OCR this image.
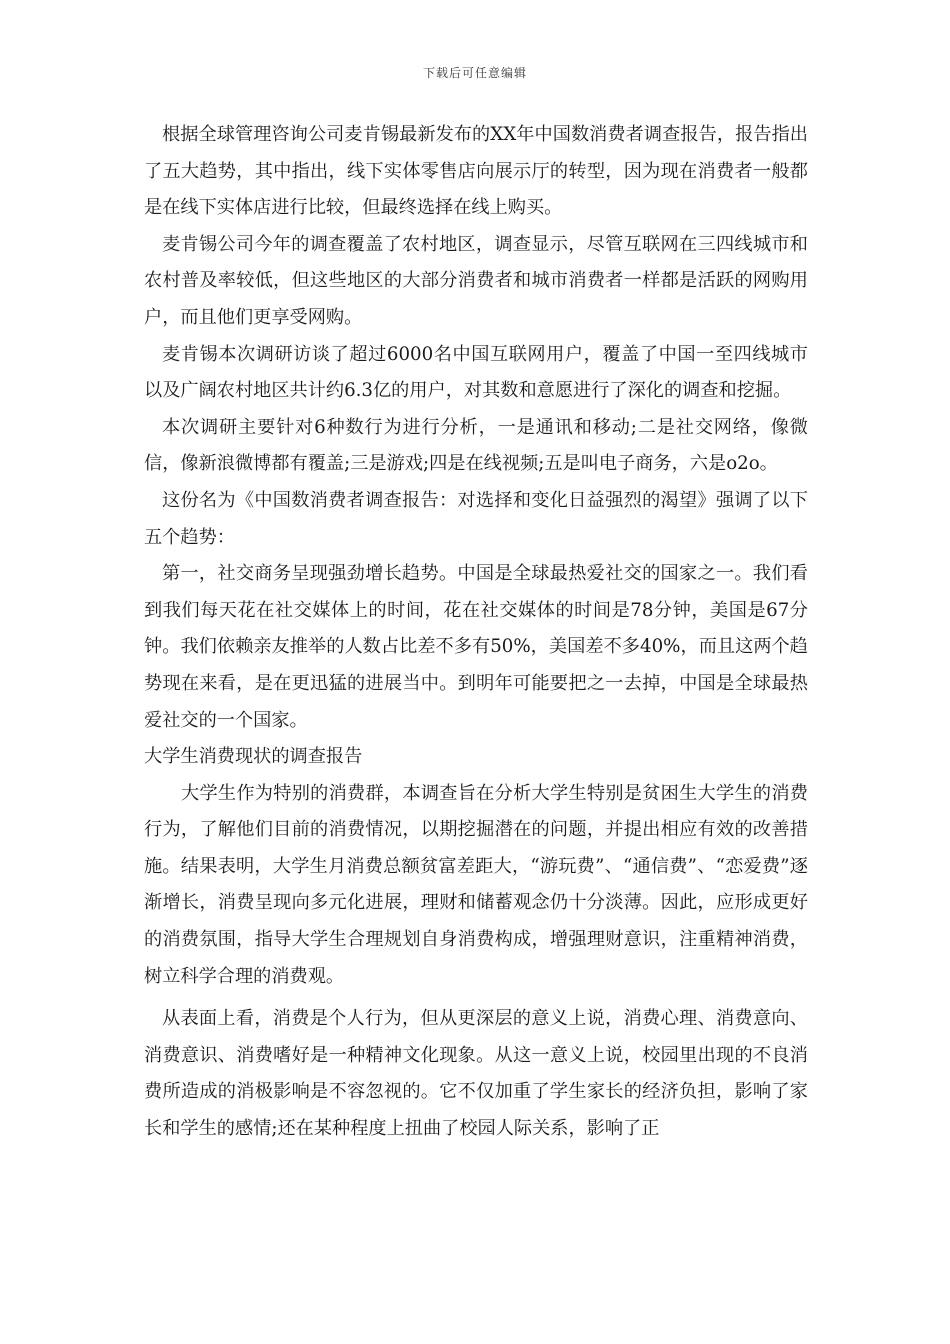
下载后可任意编辑

根据全球管理咨询公司麦肯锡最新发布的XX年中国数消费者调查报告，报告指出了五大趋势，其中指出，线下实体零售店向展示厅的转型，因为现在消费者一般都是在线下实体店进行比较，但最终选择在线上购买。

麦肯锡公司今年的调查覆盖了农村地区，调查显示，尽管互联网在三四线城市和农村普及率较低，但这些地区的大部分消费者和城市消费者一样都是活跃的网购用户，而且他们更享受网购。

麦肯锡本次调研访谈了超过6000名中国互联网用户，覆盖了中国一至四线城市以及广阔农村地区共计约6.3亿的用户，对其数和意愿进行了深化的调查和挖掘。

本次调研主要针对6种数行为进行分析，一是通讯和移动;二是社交网络，像微信，像新浪微博都有覆盖;三是游戏;四是在线视频;五是叫电子商务，六是o2o。

这份名为《中国数消费者调查报告：对选择和变化日益强烈的渴望》强调了以下五个趋势：

第一，社交商务呈现强劲增长趋势。中国是全球最热爱社交的国家之一。我们看到我们每天花在社交媒体上的时间，花在社交媒体的时间是78分钟，美国是67分钟。我们依赖亲友推举的人数占比差不多有50%，美国差不多40%，而且这两个趋势现在来看，是在更迅猛的进展当中。到明年可能要把之一去掉，中国是全球最热爱社交的一个国家。

大学生消费现状的调查报告

大学生作为特别的消费群，本调查旨在分析大学生特别是贫困生大学生的消费行为，了解他们目前的消费情况，以期挖掘潜在的问题，并提出相应有效的改善措施。结果表明，大学生月消费总额贫富差距大，“游玩费”、“通信费”、“恋爱费”逐渐增长，消费呈现向多元化进展，理财和储蓄观念仍十分淡薄。因此，应形成更好的消费氛围，指导大学生合理规划自身消费构成，增强理财意识，注重精神消费，树立科学合理的消费观。

从表面上看，消费是个人行为，但从更深层的意义上说，消费心理、消费意向、消费意识、消费嗜好是一种精神文化现象。从这一意义上说，校园里出现的不良消费所造成的消极影响是不容忽视的。它不仅加重了学生家长的经济负担，影响了家长和学生的感情;还在某种程度上扭曲了校园人际关系，影响了正
